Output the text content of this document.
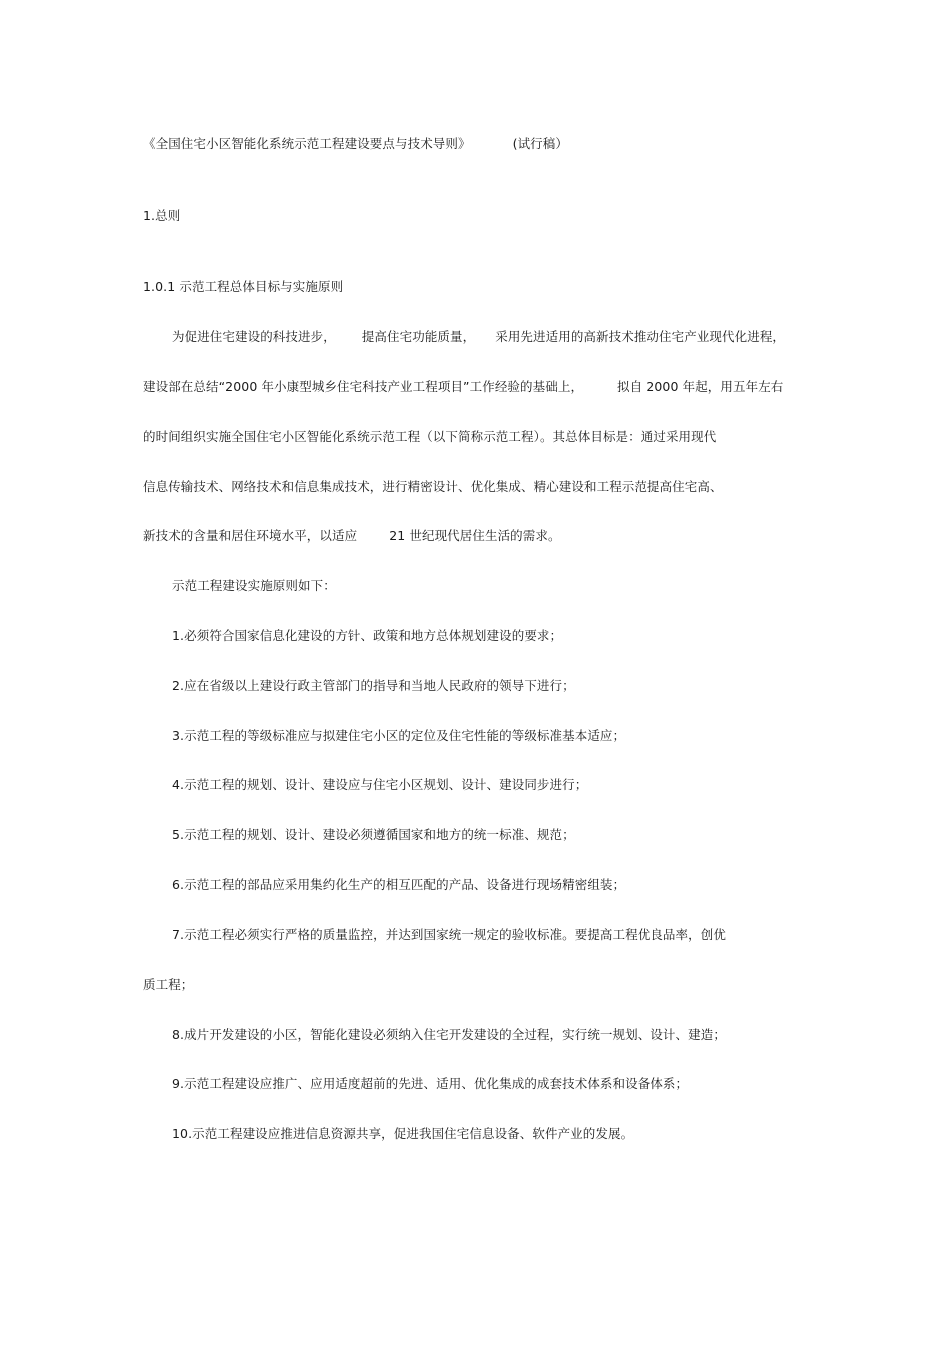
《全国住宅小区智能化系统示范工程建设要点与技术导则》	(试行稿）
1.总则
1.0.1 示范工程总体目标与实施原则
为促进住宅建设的科技进步， 提高住宅功能质量， 采用先进适用的高新技术推动住宅产业现代化进程，
建设部在总结“2000 年小康型城乡住宅科技产业工程项目”工作经验的基础上，	拟自 2000 年起，用五年左右
的时间组织实施全国住宅小区智能化系统示范工程（以下简称示范工程）。其总体目标是：通过采用现代
信息传输技术、网络技术和信息集成技术，进行精密设计、优化集成、精心建设和工程示范提高住宅高、
新技术的含量和居住环境水平，以适应	21 世纪现代居住生活的需求。
示范工程建设实施原则如下：
1.必须符合国家信息化建设的方针、政策和地方总体规划建设的要求；
2.应在省级以上建设行政主管部门的指导和当地人民政府的领导下进行；
3.示范工程的等级标准应与拟建住宅小区的定位及住宅性能的等级标准基本适应；
4.示范工程的规划、设计、建设应与住宅小区规划、设计、建设同步进行；
5.示范工程的规划、设计、建设必须遵循国家和地方的统一标准、规范；
6.示范工程的部品应采用集约化生产的相互匹配的产品、设备进行现场精密组装；
7.示范工程必须实行严格的质量监控，并达到国家统一规定的验收标准。要提高工程优良品率，创优
质工程；
8.成片开发建设的小区，智能化建设必须纳入住宅开发建设的全过程，实行统一规划、设计、建造；
9.示范工程建设应推广、应用适度超前的先进、适用、优化集成的成套技术体系和设备体系；
10.示范工程建设应推进信息资源共享，促进我国住宅信息设备、软件产业的发展。
